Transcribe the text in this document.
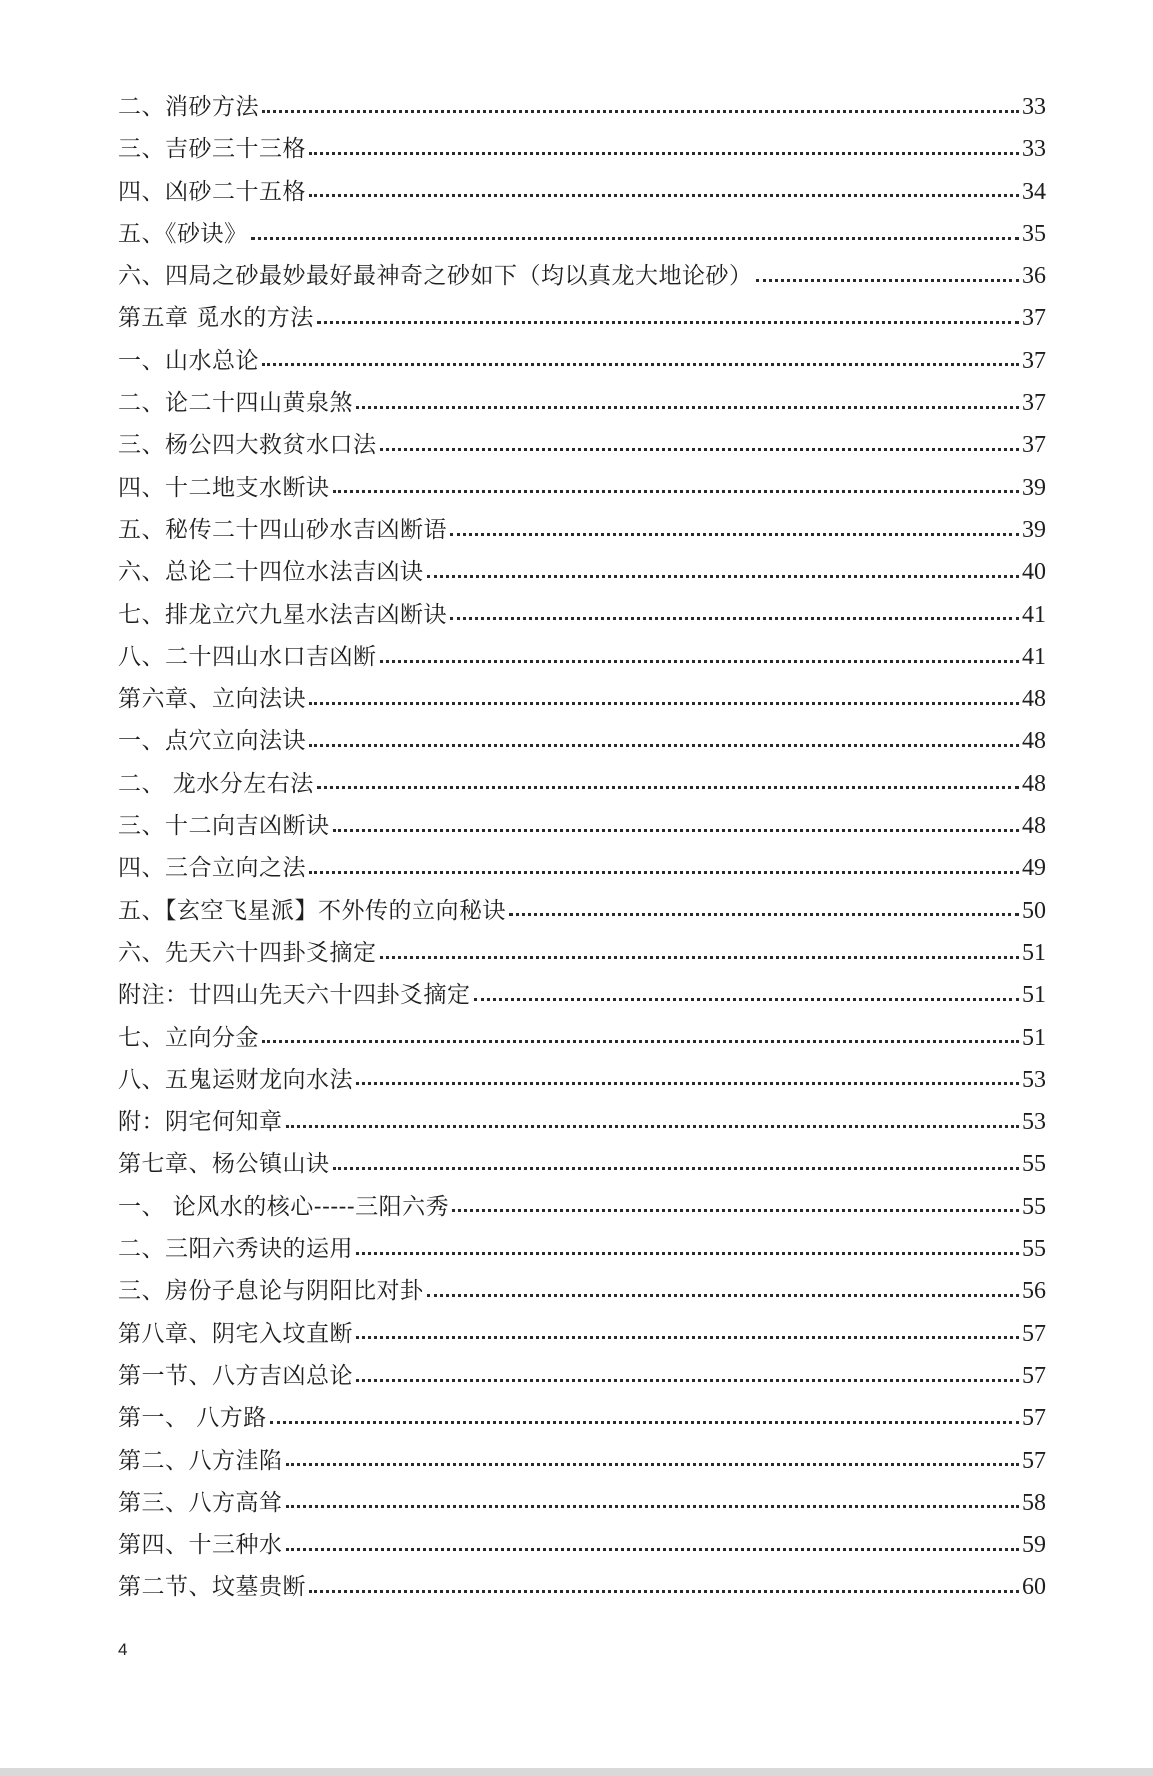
二、消砂方法	33
三、吉砂三十三格	33
四、凶砂二十五格	34
五、《砂诀》	35
六、四局之砂最妙最好最神奇之砂如下（均以真龙大地论砂）	36
第五章 觅水的方法	37
一、山水总论	37
二、论二十四山黄泉煞	37
三、杨公四大救贫水口法	37
四、十二地支水断诀	39
五、秘传二十四山砂水吉凶断语	39
六、总论二十四位水法吉凶诀	40
七、排龙立穴九星水法吉凶断诀	41
八、二十四山水口吉凶断	41
第六章、立向法诀	48
一、点穴立向法诀	48
二、 龙水分左右法	48
三、十二向吉凶断诀	48
四、三合立向之法	49
五、【玄空飞星派】不外传的立向秘诀	50
六、先天六十四卦爻摘定	51
附注：廿四山先天六十四卦爻摘定	51
七、立向分金	51
八、五鬼运财龙向水法	53
附：阴宅何知章	53
第七章、杨公镇山诀	55
一、 论风水的核心-----三阳六秀	55
二、三阳六秀诀的运用	55
三、房份子息论与阴阳比对卦	56
第八章、阴宅入坟直断	57
第一节、八方吉凶总论	57
第一、 八方路	57
第二、八方洼陷	57
第三、八方高耸	58
第四、十三种水	59
第二节、坟墓贵断	60
4
